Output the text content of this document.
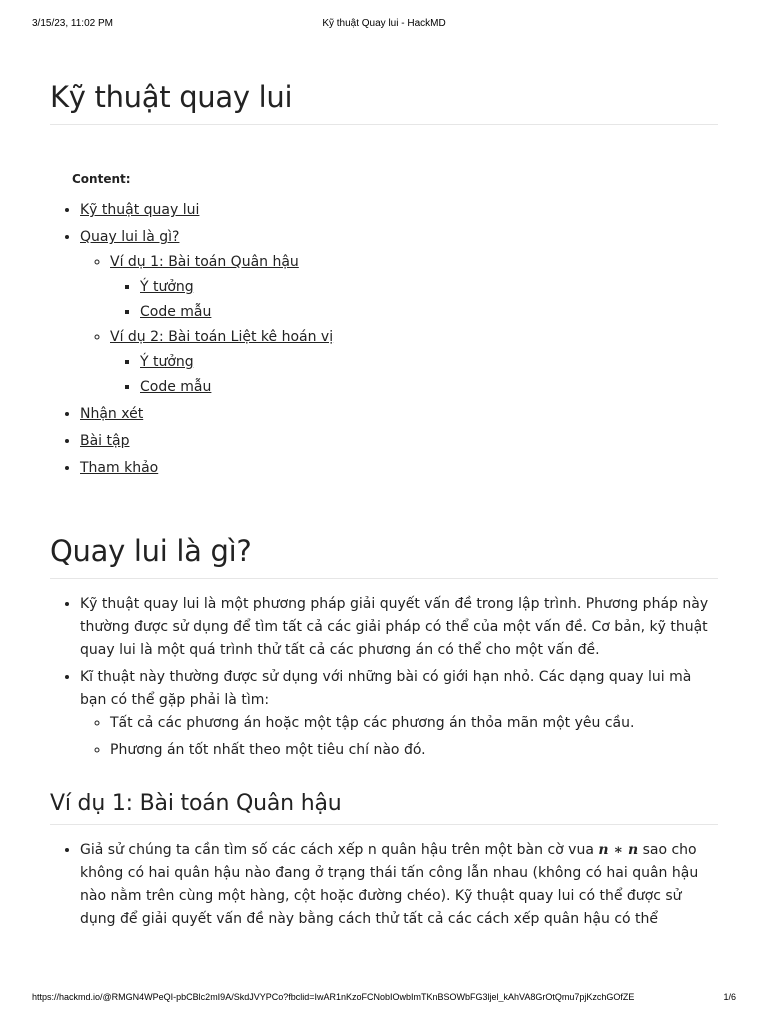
3/15/23, 11:02 PM	Kỹ thuật Quay lui - HackMD
Kỹ thuật quay lui

Content:

• Kỹ thuật quay lui
• Quay lui là gì?
◦ Ví dụ 1: Bài toán Quân hậu
▪ Ý tưởng
▪ Code mẫu
◦ Ví dụ 2: Bài toán Liệt kê hoán vị
▪ Ý tưởng
▪ Code mẫu
• Nhận xét
• Bài tập
• Tham khảo
Quay lui là gì?
• Kỹ thuật quay lui là một phương pháp giải quyết vấn đề trong lập trình. Phương pháp này thường được sử dụng để tìm tất cả các giải pháp có thể của một vấn đề. Cơ bản, kỹ thuật quay lui là một quá trình thử tất cả các phương án có thể cho một vấn đề.
• Kĩ thuật này thường được sử dụng với những bài có giới hạn nhỏ. Các dạng quay lui mà bạn có thể gặp phải là tìm:
◦ Tất cả các phương án hoặc một tập các phương án thỏa mãn một yêu cầu.
◦ Phương án tốt nhất theo một tiêu chí nào đó.
Ví dụ 1: Bài toán Quân hậu
• Giả sử chúng ta cần tìm số các cách xếp n quân hậu trên một bàn cờ vua n ∗ n sao cho không có hai quân hậu nào đang ở trạng thái tấn công lẫn nhau (không có hai quân hậu nào nằm trên cùng một hàng, cột hoặc đường chéo). Kỹ thuật quay lui có thể được sử dụng để giải quyết vấn đề này bằng cách thử tất cả các cách xếp quân hậu có thể
https://hackmd.io/@RMGN4WPeQI-pbCBlc2mI9A/SkdJVYPCo?fbclid=IwAR1nKzoFCNobIOwbImTKnBSOWbFG3ljel_kAhVA8GrOtQmu7pjKzchGOfZE	1/6
